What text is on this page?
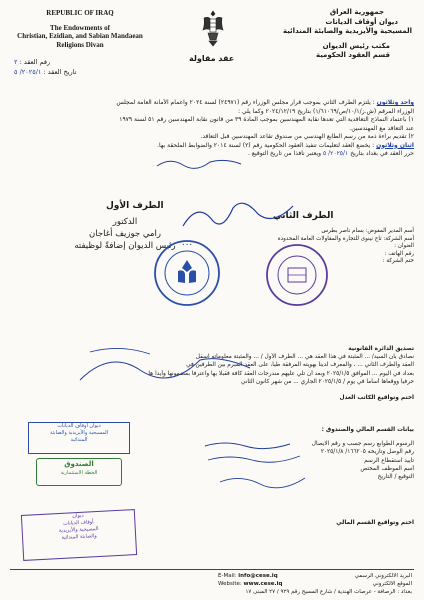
REPUBLIC OF IRAQ
The Endowments of
Christian, Ezidian, and Sabian Mandaean
Religions Divan
جمهورية العراق
ديوان أوقاف الديانات
المسيحية والأيزيدية والصابئة المندائية
مكتب رئيس الديوان
قسم العقود الحكومية
عقد مقاولة
رقم العقد : ٢
تاريخ العقد : ٢٠٢٥/١/ ٥
واحد وثلاثون : يلتزم الطرف الثاني بموجب قرار مجلس الوزراء رقم (٢٤٩٧١) لسنة ٢٠٢٤ واعمام الأمانة العامة لمجلس
الوزراء المرقم (ش.ز/١٠/١/ص/١/٦١٠٦٩) بتاريخ ٢٠٢٤/١٢/١٩ وكما يلي :
١) باعتماد النماذج التعاقدية التي تعدها نقابة المهندسين بموجب المادة ٣٩ من قانون نقابة المهندسين رقم ٥١ لسنة ١٩٧٩
عند التعاقد مع المهندسين.
٢) تقديم براءة ذمة من رسم الطابع الهندسي من صندوق تقاعد المهندسين قبل التعاقد.
اثنان وثلاثون : يخضع العقد لتعليمات تنفيذ العقود الحكومية رقم (٢) لسنة ٢٠١٤ والضوابط الملحقة بها.
حرر العقد في بغداد بتاريخ ٢٠٢٥/١/ ٥ ويعتبر نافذاً من تاريخ التوقيع .
الطرف الأول
الطرف الثاني
الدكتور
رامي جوزيف أغاجان
رئيس الديوان إضافةً لوظيفته
أسم المدير المفوض: بسام ناصر بطرس
أسم الشركة: تاج نينوى للتجارة والمقاولات العامة المحدودة
العنوان :
رقم الهاتف :
ختم الشركة :
• • •
تصديق الدائرة القانونية
نصادق بان السيد/ ... المثبتة في هذا العقد هي ... الطرف الأول / ... والمثبتة معلوماته اسفل
العقد والطرف الثاني ... ، والمعرف لدينا بهويته المرفقة طياً، على العقد المبرم بين الطرفين في
بغداد في اليوم ... الموافق ٢٠٢٥/١/٥ وبعد أن تلي عليهم مندرجات العقد كافة فقبلا بها واعترفا بمضمونها وأيدا ها
حرفياً ووقعاها أساماً في يوم / ٢٠٢٥/١/٥ الجاري ... من شهر كانون الثاني
اختم وتواقيع الكاتب العدل
ديوان أوقاف الديانات
المسيحية والأيزيدية والصابئة
المندائية
الصندوق
الخطة الاستثمارية
ديوان
أوقاف الديانات
المسيحية والأيزيدية
والصابئة المندائية
بيانات القسم المالي والصندوق :
الرسوم الطوابع رسم جسب و رقم الايصال
رقم الوصل وتاريخه ١٦٦٢٠٥/ ٢٠٢٥/١/٨
تأييد استقطاع الرسم
أسم الموظف المختص
التوقيع / التاريخ
اختم وتواقيع القسم المالي
E-Mail: info@cese.iq
Website: www.cese.iq
البريد الالكتروني الرسمي
الموقع الالكتروني
بغداد : الرصافة - عرصات الهندية / شارع المسيح رقم ٩٢٩ / ٢٧ المبنى ١٧
